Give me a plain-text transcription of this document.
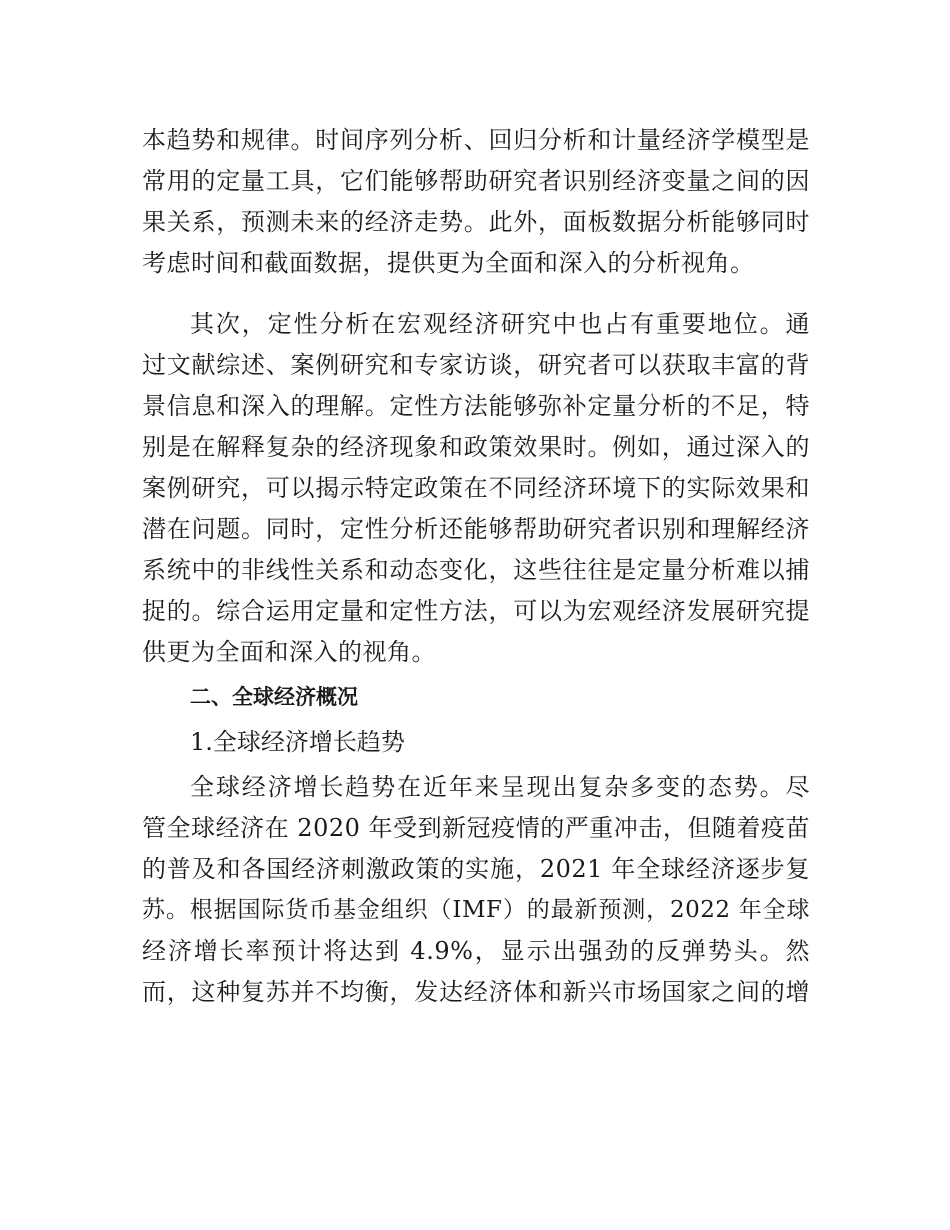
本趋势和规律。时间序列分析、回归分析和计量经济学模型是
常用的定量工具，它们能够帮助研究者识别经济变量之间的因
果关系，预测未来的经济走势。此外，面板数据分析能够同时
考虑时间和截面数据，提供更为全面和深入的分析视角。
其次，定性分析在宏观经济研究中也占有重要地位。通
过文献综述、案例研究和专家访谈，研究者可以获取丰富的背
景信息和深入的理解。定性方法能够弥补定量分析的不足，特
别是在解释复杂的经济现象和政策效果时。例如，通过深入的
案例研究，可以揭示特定政策在不同经济环境下的实际效果和
潜在问题。同时，定性分析还能够帮助研究者识别和理解经济
系统中的非线性关系和动态变化，这些往往是定量分析难以捕
捉的。综合运用定量和定性方法，可以为宏观经济发展研究提
供更为全面和深入的视角。
二、全球经济概况
1.全球经济增长趋势
全球经济增长趋势在近年来呈现出复杂多变的态势。尽
管全球经济在 2020 年受到新冠疫情的严重冲击，但随着疫苗
的普及和各国经济刺激政策的实施，2021 年全球经济逐步复
苏。根据国际货币基金组织（IMF）的最新预测，2022 年全球
经济增长率预计将达到 4.9%，显示出强劲的反弹势头。然
而，这种复苏并不均衡，发达经济体和新兴市场国家之间的增
